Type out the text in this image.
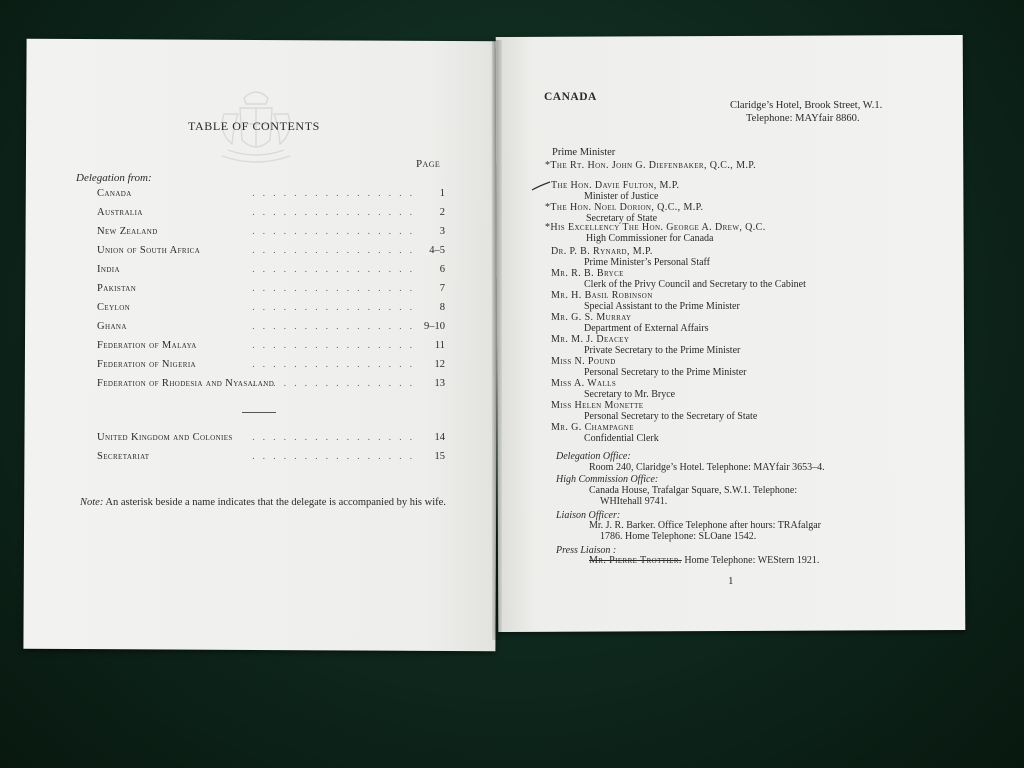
TABLE OF CONTENTS
Page
Delegation from:
. . . . . . . . . . . . . . . .
Canada	1
. . . . . . . . . . . . . . . .
Australia	2
. . . . . . . . . . . . . . . .
New Zealand	3
. . . . . . . . . . . . . . . .
Union of South Africa	4–5
. . . . . . . . . . . . . . . .
India	6
. . . . . . . . . . . . . . . .
Pakistan	7
. . . . . . . . . . . . . . . .
Ceylon	8
. . . . . . . . . . . . . . . .
Ghana	9–10
. . . . . . . . . . . . . . . .
Federation of Malaya	11
. . . . . . . . . . . . . . . .
Federation of Nigeria	12
. . . . . . . . . . . . . . . .
Federation of Rhodesia and Nyasaland	13
. . . . . . . . . . . . . . . .
United Kingdom and Colonies	14
. . . . . . . . . . . . . . . .
Secretariat	15
Note: An asterisk beside a name indicates that the delegate is accompanied by his wife.
CANADA
Claridge’s Hotel, Brook Street, W.1.
Telephone: MAYfair 8860.
Prime Minister
*The Rt. Hon. John G. Diefenbaker, Q.C., M.P.
The Hon. Davie Fulton, M.P.
Minister of Justice
*The Hon. Noel Dorion, Q.C., M.P.
Secretary of State
*His Excellency The Hon. George A. Drew, Q.C.
High Commissioner for Canada
Dr. P. B. Rynard, M.P.
Prime Minister’s Personal Staff
Mr. R. B. Bryce
Clerk of the Privy Council and Secretary to the Cabinet
Mr. H. Basil Robinson
Special Assistant to the Prime Minister
Mr. G. S. Murray
Department of External Affairs
Mr. M. J. Deacey
Private Secretary to the Prime Minister
Miss N. Pound
Personal Secretary to the Prime Minister
Miss A. Walls
Secretary to Mr. Bryce
Miss Helen Monette
Personal Secretary to the Secretary of State
Mr. G. Champagne
Confidential Clerk
Delegation Office:
Room 240, Claridge’s Hotel. Telephone: MAYfair 3653–4.
High Commission Office:
Canada House, Trafalgar Square, S.W.1. Telephone:
WHItehall 9741.
Liaison Officer:
Mr. J. R. Barker. Office Telephone after hours: TRAfalgar
1786. Home Telephone: SLOane 1542.
Press Liaison :
Mr. Pierre Trottier. Home Telephone: WEStern 1921.
1
